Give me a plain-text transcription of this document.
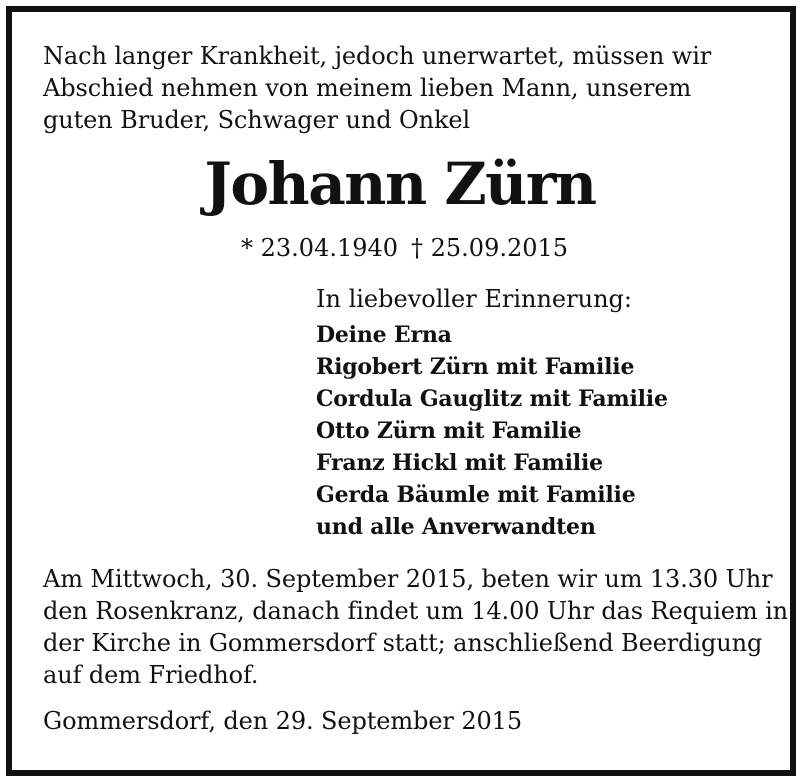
Nach langer Krankheit, jedoch unerwartet, müssen wir
Abschied nehmen von meinem lieben Mann, unserem
guten Bruder, Schwager und Onkel
Johann Zürn
* 23.04.1940 † 25.09.2015
In liebevoller Erinnerung:
Deine Erna
Rigobert Zürn mit Familie
Cordula Gauglitz mit Familie
Otto Zürn mit Familie
Franz Hickl mit Familie
Gerda Bäumle mit Familie
und alle Anverwandten
Am Mittwoch, 30. September 2015, beten wir um 13.30 Uhr
den Rosenkranz, danach findet um 14.00 Uhr das Requiem in
der Kirche in Gommersdorf statt; anschließend Beerdigung
auf dem Friedhof.
Gommersdorf, den 29. September 2015
